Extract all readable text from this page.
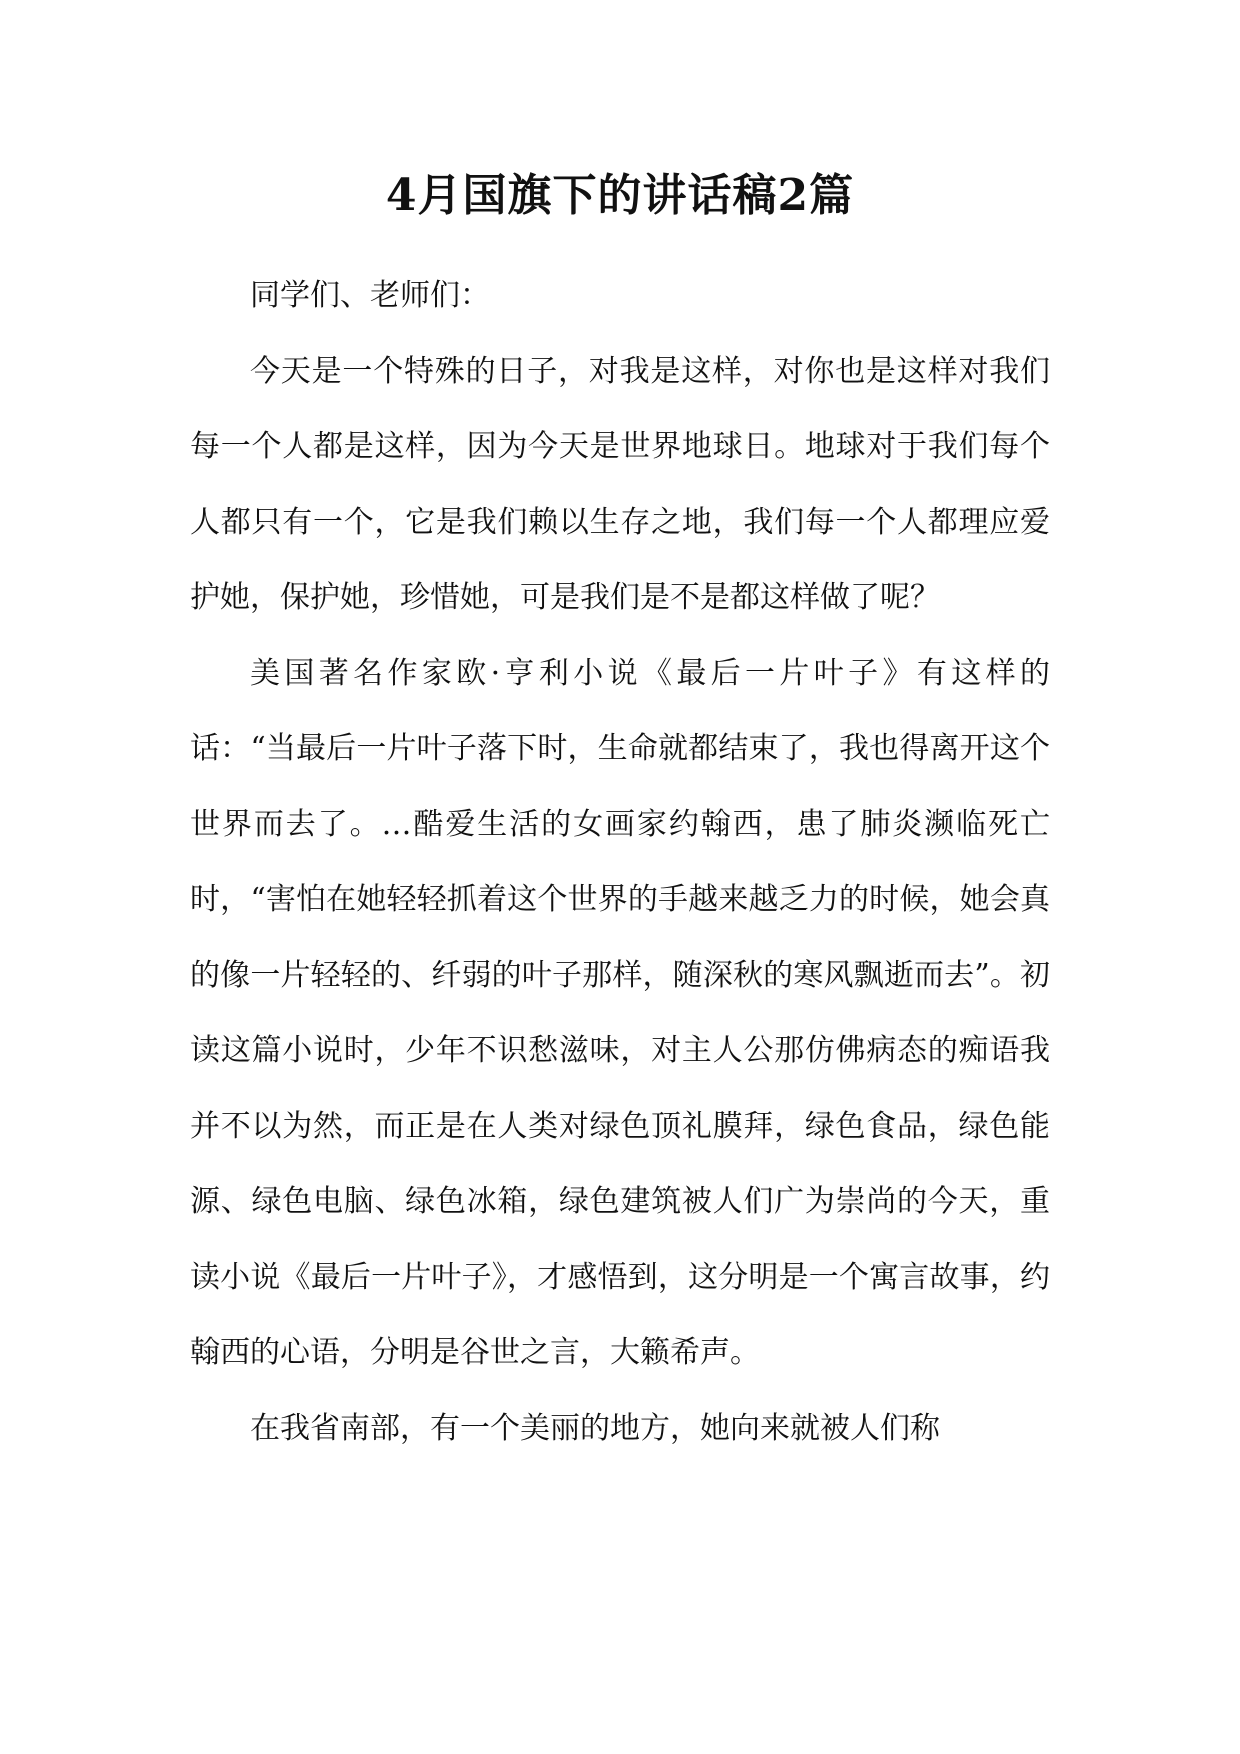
4月国旗下的讲话稿2篇

同学们、老师们：

今天是一个特殊的日子，对我是这样，对你也是这样对我们每一个人都是这样，因为今天是世界地球日。地球对于我们每个人都只有一个，它是我们赖以生存之地，我们每一个人都理应爱护她，保护她，珍惜她，可是我们是不是都这样做了呢？

美国著名作家欧·亨利小说《最后一片叶子》有这样的话：“当最后一片叶子落下时，生命就都结束了，我也得离开这个世界而去了。…酷爱生活的女画家约翰西，患了肺炎濒临死亡时，“害怕在她轻轻抓着这个世界的手越来越乏力的时候，她会真的像一片轻轻的、纤弱的叶子那样，随深秋的寒风飘逝而去”。初读这篇小说时，少年不识愁滋味，对主人公那仿佛病态的痴语我并不以为然，而正是在人类对绿色顶礼膜拜，绿色食品，绿色能源、绿色电脑、绿色冰箱，绿色建筑被人们广为崇尚的今天，重读小说《最后一片叶子》，才感悟到，这分明是一个寓言故事，约翰西的心语，分明是谷世之言，大籁希声。

在我省南部，有一个美丽的地方，她向来就被人们称
